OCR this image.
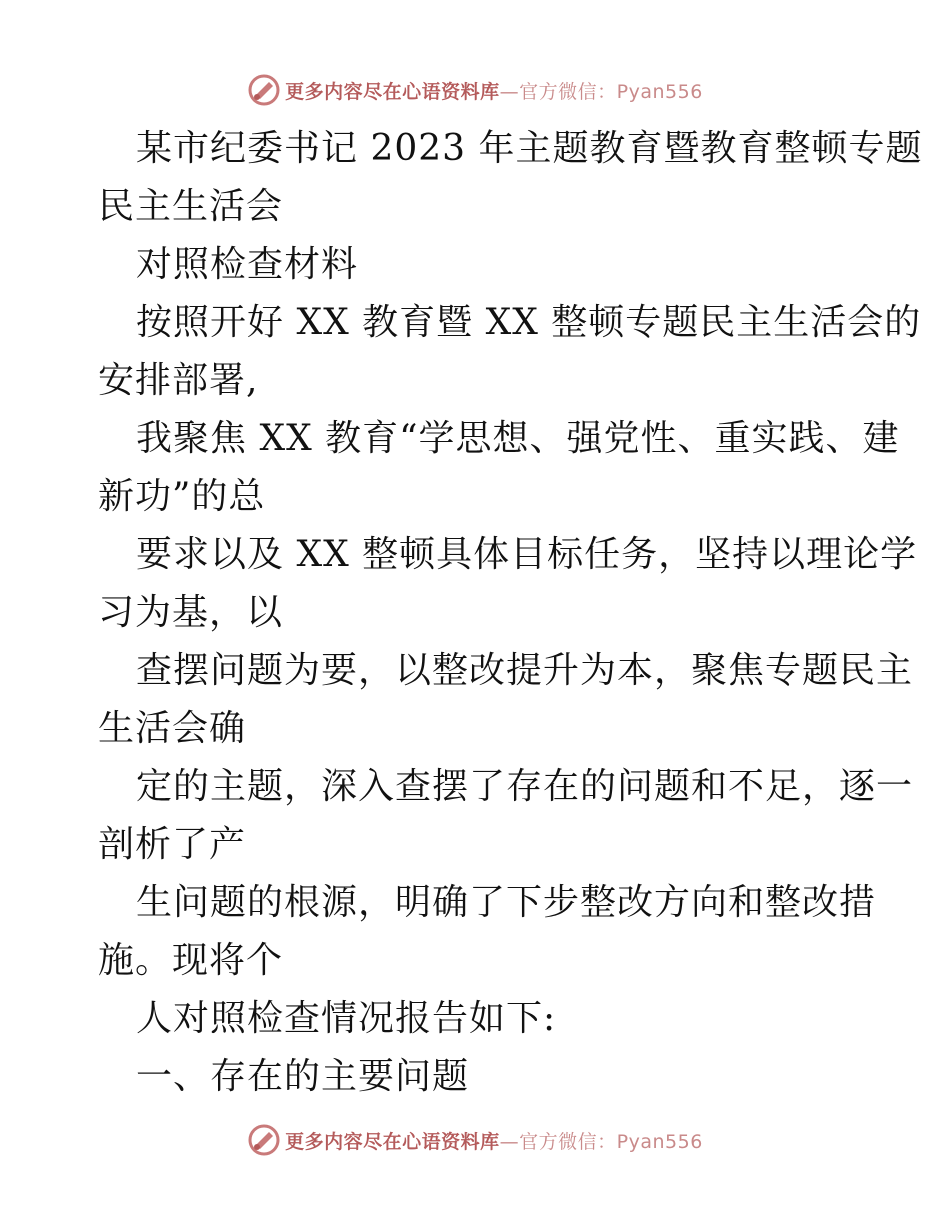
更多内容尽在心语资料库—官方微信：Pyan556
某市纪委书记 2023 年主题教育暨教育整顿专题
民主生活会
对照检查材料
按照开好 XX 教育暨 XX 整顿专题民主生活会的
安排部署,
我聚焦 XX 教育“学思想、强党性、重实践、建
新功”的总
要求以及 XX 整顿具体目标任务，坚持以理论学
习为基，以
查摆问题为要，以整改提升为本，聚焦专题民主
生活会确
定的主题，深入查摆了存在的问题和不足，逐一
剖析了产
生问题的根源，明确了下步整改方向和整改措
施。现将个
人对照检查情况报告如下:
一、存在的主要问题
更多内容尽在心语资料库—官方微信：Pyan556
